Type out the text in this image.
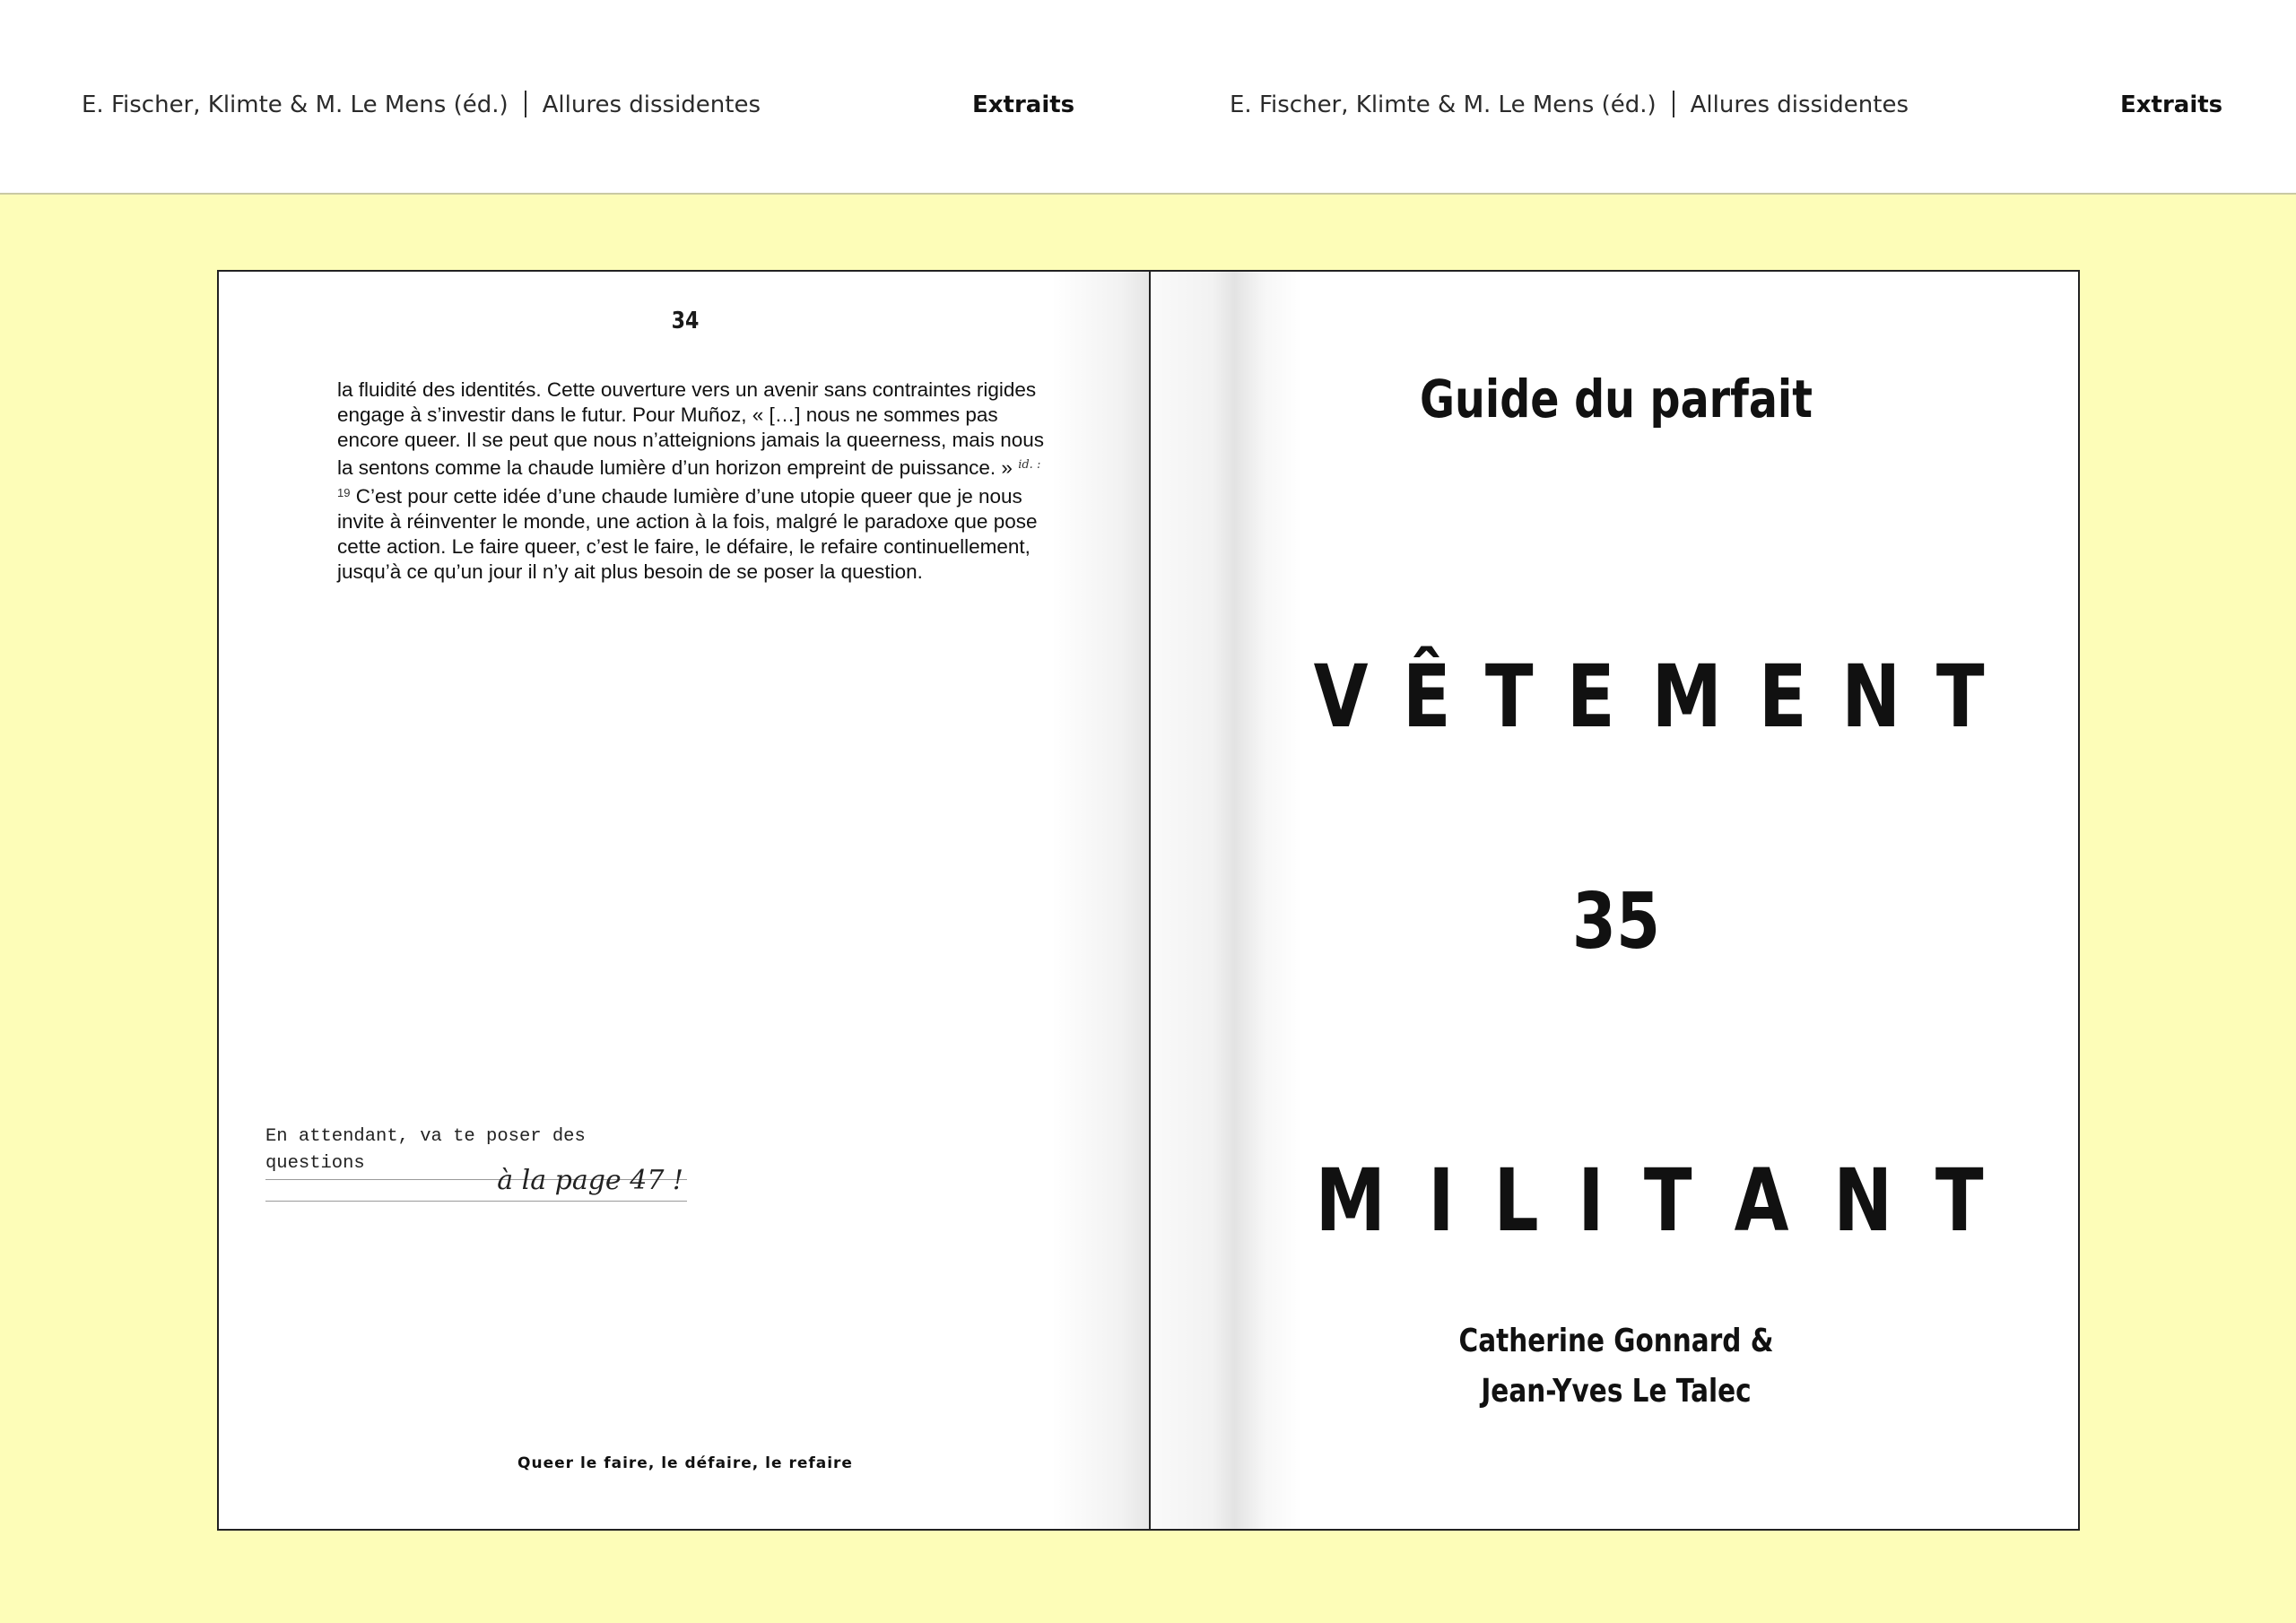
E. Fischer, Klimte & M. Le Mens (éd.) Allures dissidentes	Extraits	E. Fischer, Klimte & M. Le Mens (éd.) Allures dissidentes	Extraits
34
la fluidité des identités. Cette ouverture vers un avenir sans contraintes rigides engage à s’investir dans le futur. Pour Muñoz, « […] nous ne sommes pas encore queer. Il se peut que nous n’atteignions jamais la queerness, mais nous la sentons comme la chaude lumière d’un horizon empreint de puissance. » $^{id. :}$ $^{19}$ C’est pour cette idée d’une chaude lumière d’une utopie queer que je nous invite à réinventer le monde, une action à la fois, malgré le paradoxe que pose cette action. Le faire queer, c’est le faire, le défaire, le refaire continuellement, jusqu’à ce qu’un jour il n’y ait plus besoin de se poser la question.
En attendant, va te poser des questions
à la page 47 !
Queer le faire, le défaire, le refaire
Guide du parfait
V Ê T E M E N T
35
M I L I T A N T
Catherine Gonnard &
Jean-Yves Le Talec
